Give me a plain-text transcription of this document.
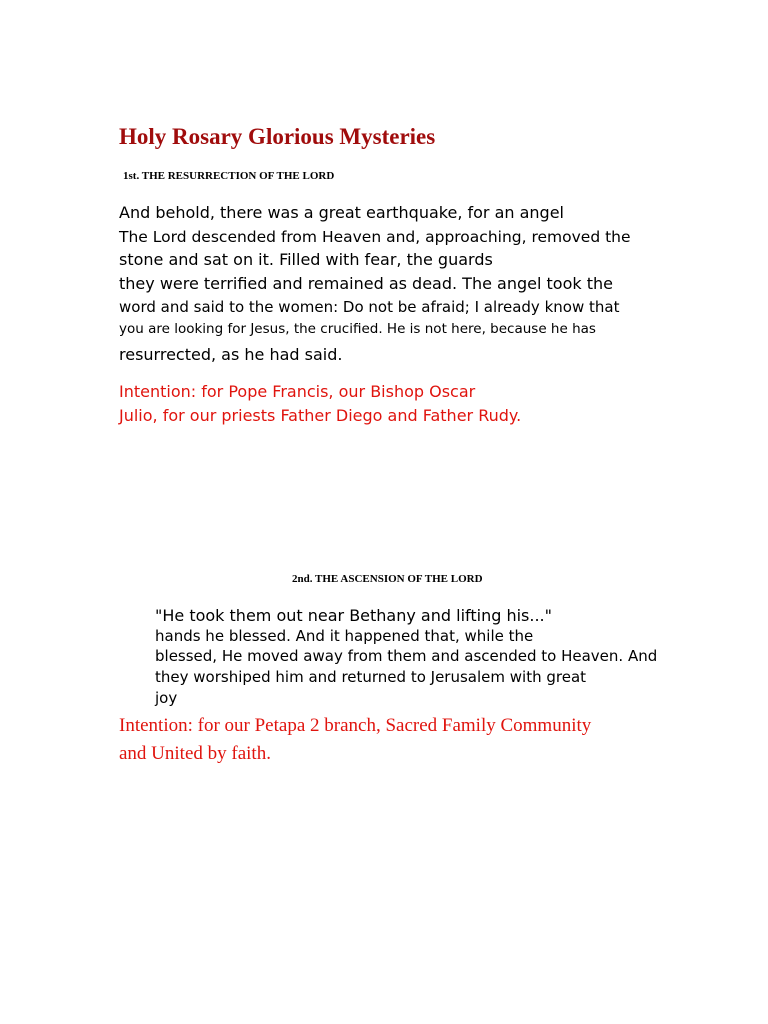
Holy Rosary Glorious Mysteries

1st. THE RESURRECTION OF THE LORD

And behold, there was a great earthquake, for an angel

The Lord descended from Heaven and, approaching, removed the

stone and sat on it. Filled with fear, the guards

they were terrified and remained as dead. The angel took the

word and said to the women: Do not be afraid; I already know that

you are looking for Jesus, the crucified. He is not here, because he has

resurrected, as he had said.

Intention: for Pope Francis, our Bishop Oscar

Julio, for our priests Father Diego and Father Rudy.

2nd. THE ASCENSION OF THE LORD

"He took them out near Bethany and lifting his..."

hands he blessed. And it happened that, while the

blessed, He moved away from them and ascended to Heaven. And

they worshiped him and returned to Jerusalem with great

joy

Intention: for our Petapa 2 branch, Sacred Family Community

and United by faith.
